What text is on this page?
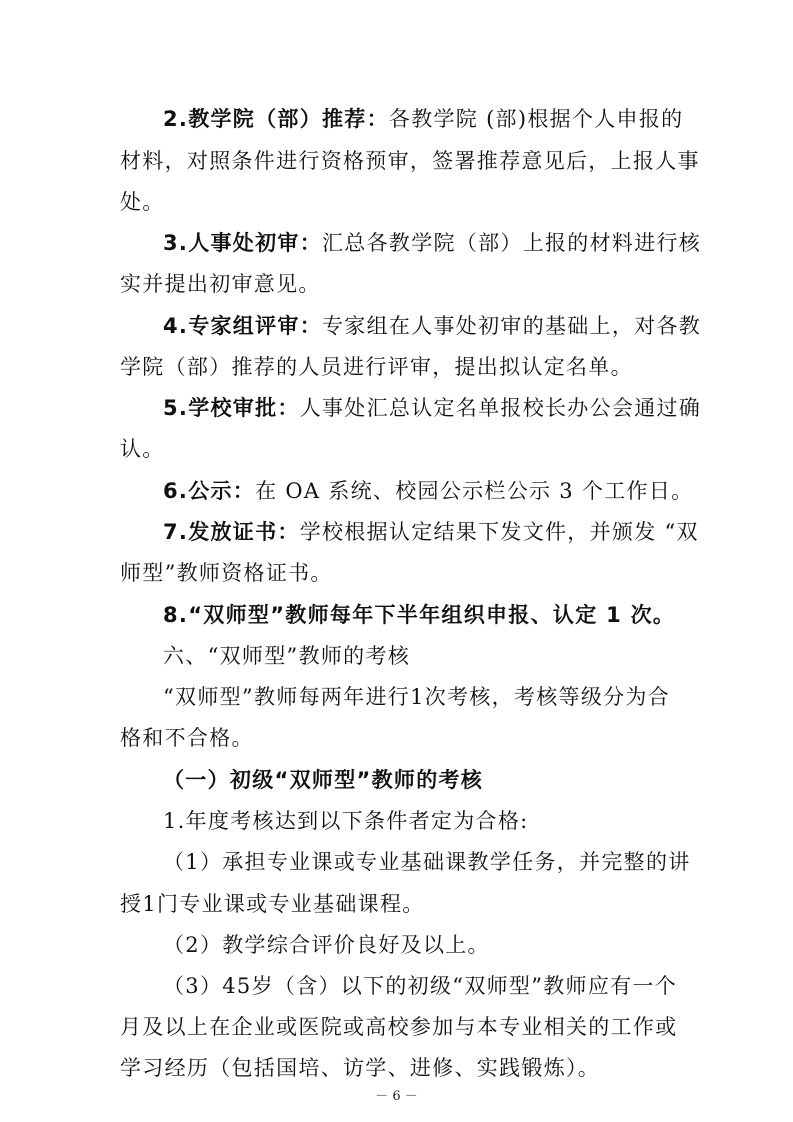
2.教学院（部）推荐：各教学院 (部)根据个人申报的
材料，对照条件进行资格预审，签署推荐意见后，上报人事
处。
3.人事处初审：汇总各教学院（部）上报的材料进行核
实并提出初审意见。
4.专家组评审：专家组在人事处初审的基础上，对各教
学院（部）推荐的人员进行评审，提出拟认定名单。
5.学校审批：人事处汇总认定名单报校长办公会通过确
认。
6.公示：在 OA 系统、校园公示栏公示 3 个工作日。
7.发放证书：学校根据认定结果下发文件，并颁发 “双
师型”教师资格证书。
8.“双师型”教师每年下半年组织申报、认定 1 次。
六、“双师型”教师的考核
“双师型”教师每两年进行1次考核，考核等级分为合
格和不合格。
（一）初级“双师型”教师的考核
1.年度考核达到以下条件者定为合格:
（1）承担专业课或专业基础课教学任务，并完整的讲
授1门专业课或专业基础课程。
（2）教学综合评价良好及以上。
（3）45岁（含）以下的初级“双师型”教师应有一个
月及以上在企业或医院或高校参加与本专业相关的工作或
－ 6 －
学习经历（包括国培、访学、进修、实践锻炼）。
